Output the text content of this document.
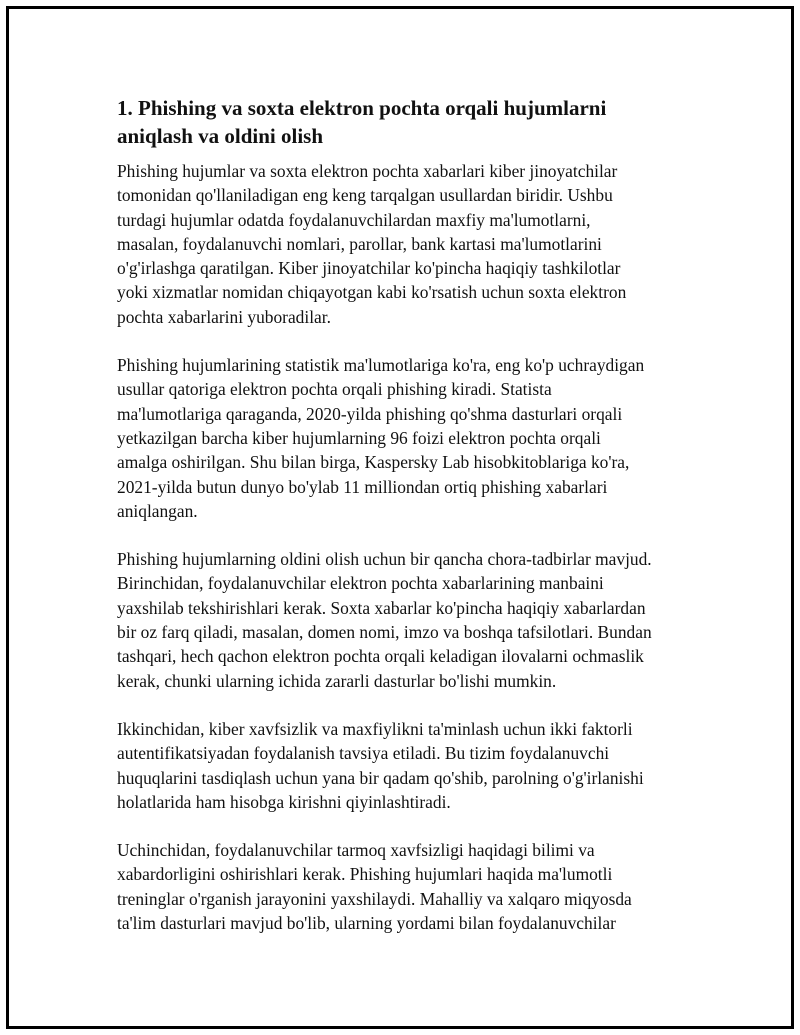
1. Phishing va soxta elektron pochta orqali hujumlarni
aniqlash va oldini olish

Phishing hujumlar va soxta elektron pochta xabarlari kiber jinoyatchilar
tomonidan qo'llaniladigan eng keng tarqalgan usullardan biridir. Ushbu
turdagi hujumlar odatda foydalanuvchilardan maxfiy ma'lumotlarni,
masalan, foydalanuvchi nomlari, parollar, bank kartasi ma'lumotlarini
o'g'irlashga qaratilgan. Kiber jinoyatchilar ko'pincha haqiqiy tashkilotlar
yoki xizmatlar nomidan chiqayotgan kabi ko'rsatish uchun soxta elektron
pochta xabarlarini yuboradilar.

Phishing hujumlarining statistik ma'lumotlariga ko'ra, eng ko'p uchraydigan
usullar qatoriga elektron pochta orqali phishing kiradi. Statista
ma'lumotlariga qaraganda, 2020-yilda phishing qo'shma dasturlari orqali
yetkazilgan barcha kiber hujumlarning 96 foizi elektron pochta orqali
amalga oshirilgan. Shu bilan birga, Kaspersky Lab hisobkitoblariga ko'ra,
2021-yilda butun dunyo bo'ylab 11 milliondan ortiq phishing xabarlari
aniqlangan.

Phishing hujumlarning oldini olish uchun bir qancha chora-tadbirlar mavjud.
Birinchidan, foydalanuvchilar elektron pochta xabarlarining manbaini
yaxshilab tekshirishlari kerak. Soxta xabarlar ko'pincha haqiqiy xabarlardan
bir oz farq qiladi, masalan, domen nomi, imzo va boshqa tafsilotlari. Bundan
tashqari, hech qachon elektron pochta orqali keladigan ilovalarni ochmaslik
kerak, chunki ularning ichida zararli dasturlar bo'lishi mumkin.

Ikkinchidan, kiber xavfsizlik va maxfiylikni ta'minlash uchun ikki faktorli
autentifikatsiyadan foydalanish tavsiya etiladi. Bu tizim foydalanuvchi
huquqlarini tasdiqlash uchun yana bir qadam qo'shib, parolning o'g'irlanishi
holatlarida ham hisobga kirishni qiyinlashtiradi.

Uchinchidan, foydalanuvchilar tarmoq xavfsizligi haqidagi bilimi va
xabardorligini oshirishlari kerak. Phishing hujumlari haqida ma'lumotli
treninglar o'rganish jarayonini yaxshilaydi. Mahalliy va xalqaro miqyosda
ta'lim dasturlari mavjud bo'lib, ularning yordami bilan foydalanuvchilar
